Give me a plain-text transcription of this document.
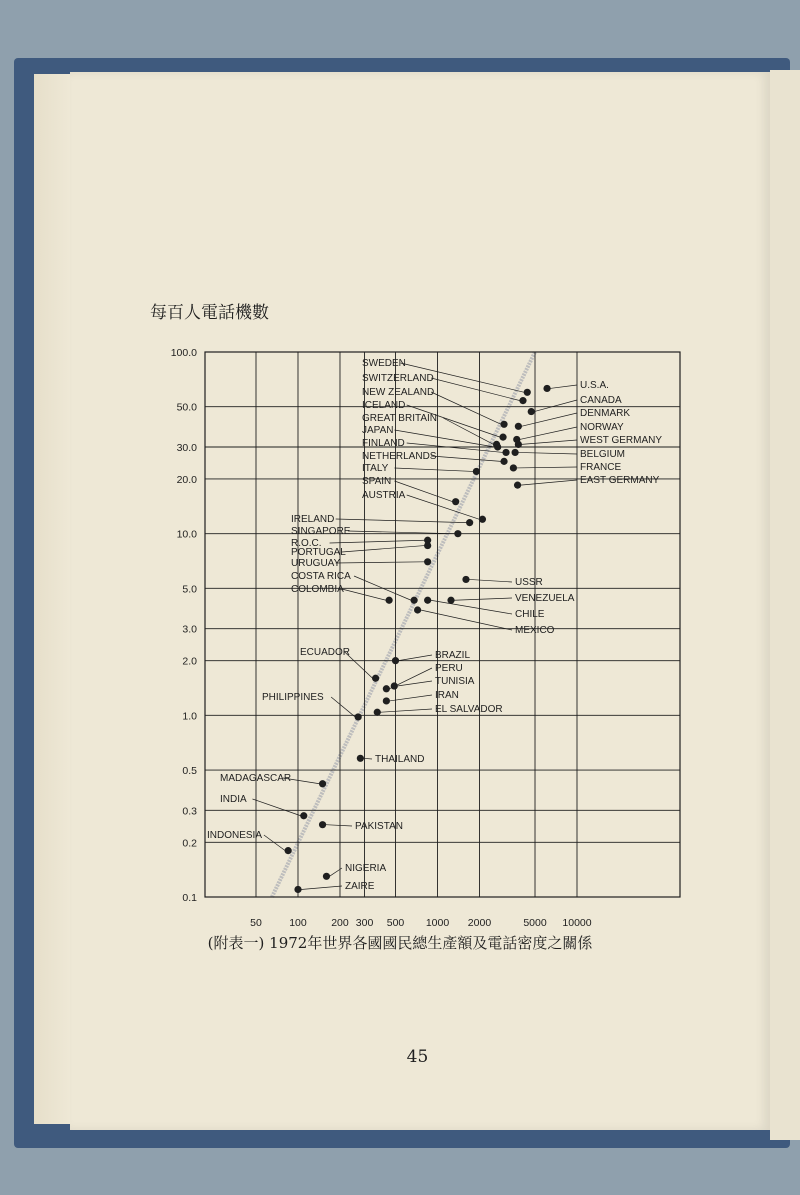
每百人電話機數
50	100 200 300 500 1000 2000	5000 10000
100.0
50.0
30.0
20.0
10.0
5.0
3.0
2.0
1.0
0.5
0.3
0.2
0.1
SWEDEN
SWITZERLAND
NEW ZEALAND
ICELAND
GREAT BRITAIN
JAPAN
FINLAND
NETHERLANDS
ITALY
SPAIN
AUSTRIA
U.S.A.
CANADA
DENMARK
NORWAY
WEST GERMANY
BELGIUM
FRANCE
EAST GERMANY
IRELAND
SINGAPORE
R.O.C.
PORTUGAL
URUGUAY
USSR
COSTA RICA
COLOMBIA
VENEZUELA
CHILE
MEXICO
ECUADOR	BRAZIL
PERU
TUNISIA
IRAN
EL SALVADOR
PHILIPPINES
THAILAND
MADAGASCAR
INDIA
PAKISTAN
INDONESIA
NIGERIA
ZAIRE
(附表一) 1972年世界各國國民總生產額及電話密度之關係
45
